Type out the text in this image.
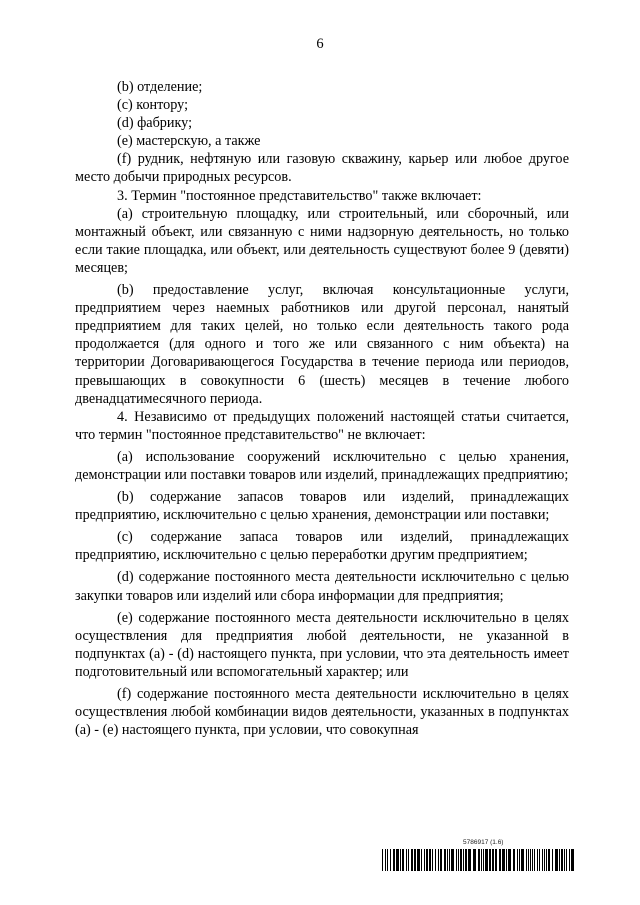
6

(b) отделение;

(c) контору;

(d) фабрику;

(e) мастерскую, а также

(f) рудник, нефтяную или газовую скважину, карьер или любое другое место добычи природных ресурсов.

3. Термин "постоянное представительство" также включает:

(a) строительную площадку, или строительный, или сборочный, или монтажный объект, или связанную с ними надзорную деятельность, но только если такие площадка, или объект, или деятельность существуют более 9 (девяти) месяцев;

(b) предоставление услуг, включая консультационные услуги, предприятием через наемных работников или другой персонал, нанятый предприятием для таких целей, но только если деятельность такого рода продолжается (для одного и того же или связанного с ним объекта) на территории Договаривающегося Государства в течение периода или периодов, превышающих в совокупности 6 (шесть) месяцев в течение любого двенадцатимесячного периода.

4. Независимо от предыдущих положений настоящей статьи считается, что термин "постоянное представительство" не включает:

(a) использование сооружений исключительно с целью хранения, демонстрации или поставки товаров или изделий, принадлежащих предприятию;

(b) содержание запасов товаров или изделий, принадлежащих предприятию, исключительно с целью хранения, демонстрации или поставки;

(c) содержание запаса товаров или изделий, принадлежащих предприятию, исключительно с целью переработки другим предприятием;

(d) содержание постоянного места деятельности исключительно с целью закупки товаров или изделий или сбора информации для предприятия;

(e) содержание постоянного места деятельности исключительно в целях осуществления для предприятия любой деятельности, не указанной в подпунктах (a) - (d) настоящего пункта, при условии, что эта деятельность имеет подготовительный или вспомогательный характер; или

(f) содержание постоянного места деятельности исключительно в целях осуществления любой комбинации видов деятельности, указанных в подпунктах (a) - (e) настоящего пункта, при условии, что совокупная

5786917 (1.6)
